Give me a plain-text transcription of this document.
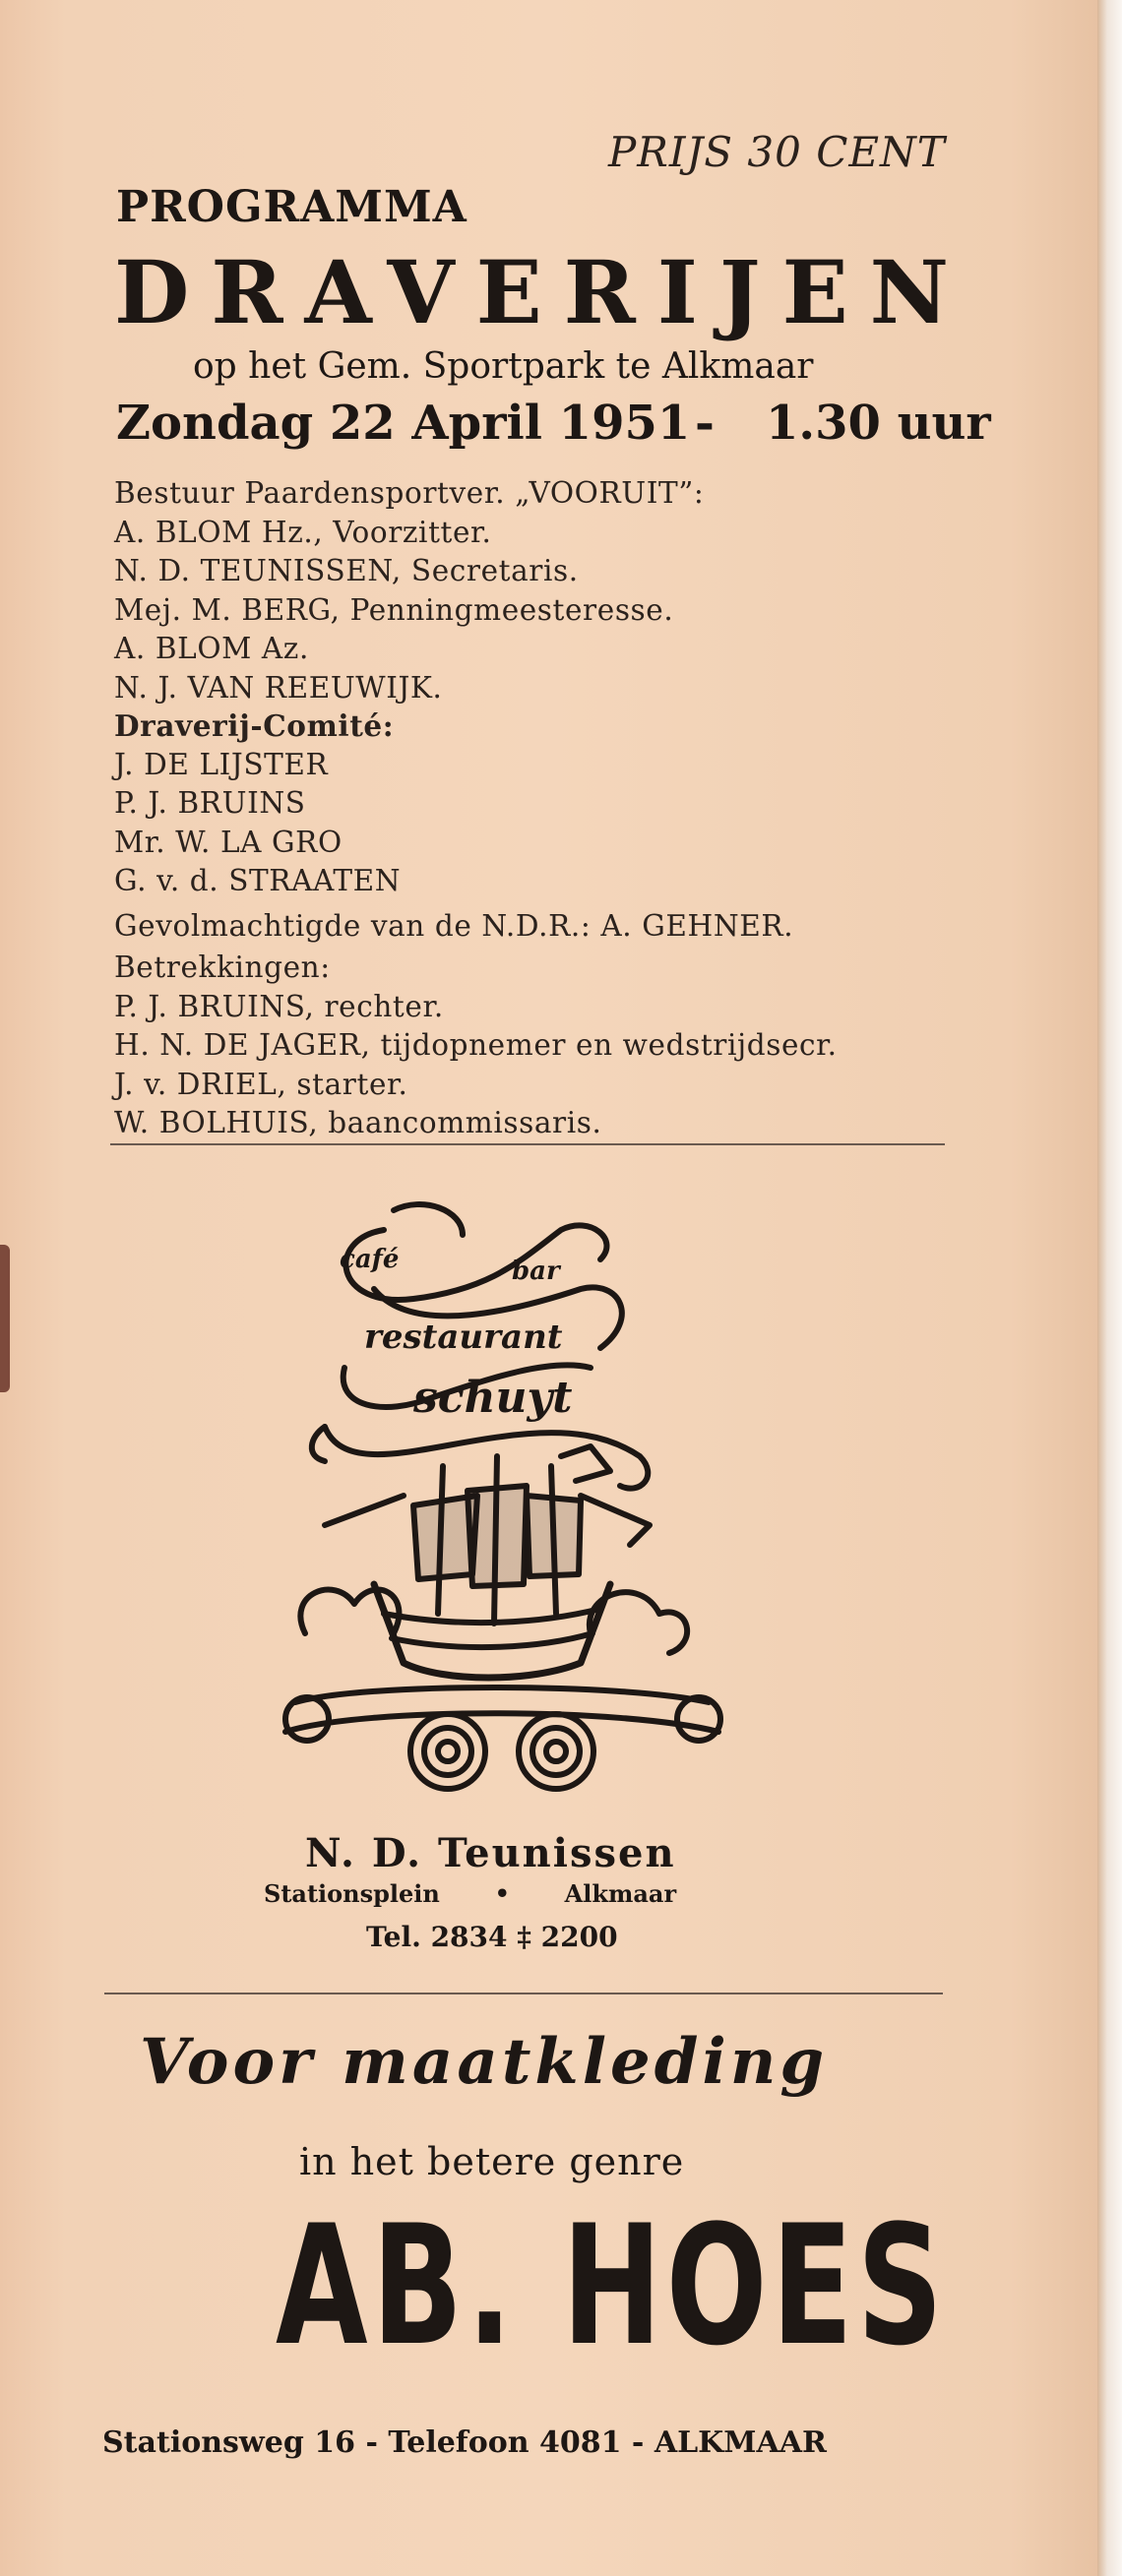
PRIJS 30 CENT
PROGRAMMA
DRAVERIJEN
op het Gem. Sportpark te Alkmaar
Zondag 22 April 1951 - 1.30 uur
Bestuur Paardensportver. „VOORUIT”:
A. BLOM Hz., Voorzitter.
N. D. TEUNISSEN, Secretaris.
Mej. M. BERG, Penningmeesteresse.
A. BLOM Az.
N. J. VAN REEUWIJK.
Draverij-Comité:
J. DE LIJSTER
P. J. BRUINS
Mr. W. LA GRO
G. v. d. STRAATEN
Gevolmachtigde van de N.D.R.: A. GEHNER.
Betrekkingen:
P. J. BRUINS, rechter.
H. N. DE JAGER, tijdopnemer en wedstrijdsecr.
J. v. DRIEL, starter.
W. BOLHUIS, baancommissaris.
café	bar
restaurant
schuyt
N. D. Teunissen
Stationsplein • Alkmaar
Tel. 2834 ‡ 2200
Voor maatkleding
in het betere genre
AB. HOES
Stationsweg 16 - Telefoon 4081 - ALKMAAR
